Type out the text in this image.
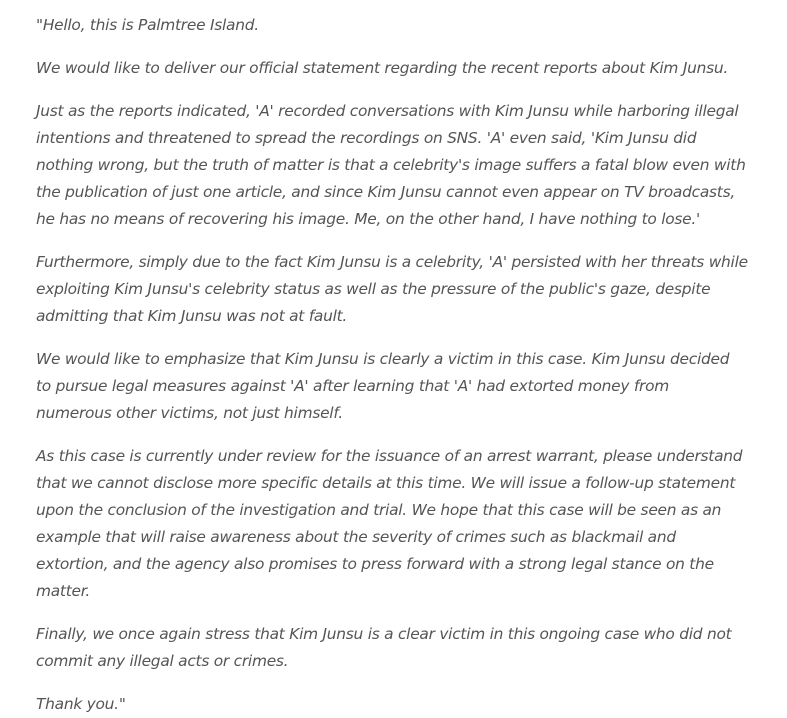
"Hello, this is Palmtree Island.

We would like to deliver our official statement regarding the recent reports about Kim Junsu.

Just as the reports indicated, 'A' recorded conversations with Kim Junsu while harboring illegal intentions and threatened to spread the recordings on SNS. 'A' even said, 'Kim Junsu did nothing wrong, but the truth of matter is that a celebrity's image suffers a fatal blow even with the publication of just one article, and since Kim Junsu cannot even appear on TV broadcasts, he has no means of recovering his image. Me, on the other hand, I have nothing to lose.'

Furthermore, simply due to the fact Kim Junsu is a celebrity, 'A' persisted with her threats while exploiting Kim Junsu's celebrity status as well as the pressure of the public's gaze, despite admitting that Kim Junsu was not at fault.

We would like to emphasize that Kim Junsu is clearly a victim in this case. Kim Junsu decided to pursue legal measures against 'A' after learning that 'A' had extorted money from numerous other victims, not just himself.

As this case is currently under review for the issuance of an arrest warrant, please understand that we cannot disclose more specific details at this time. We will issue a follow-up statement upon the conclusion of the investigation and trial. We hope that this case will be seen as an example that will raise awareness about the severity of crimes such as blackmail and extortion, and the agency also promises to press forward with a strong legal stance on the matter.

Finally, we once again stress that Kim Junsu is a clear victim in this ongoing case who did not commit any illegal acts or crimes.

Thank you."
